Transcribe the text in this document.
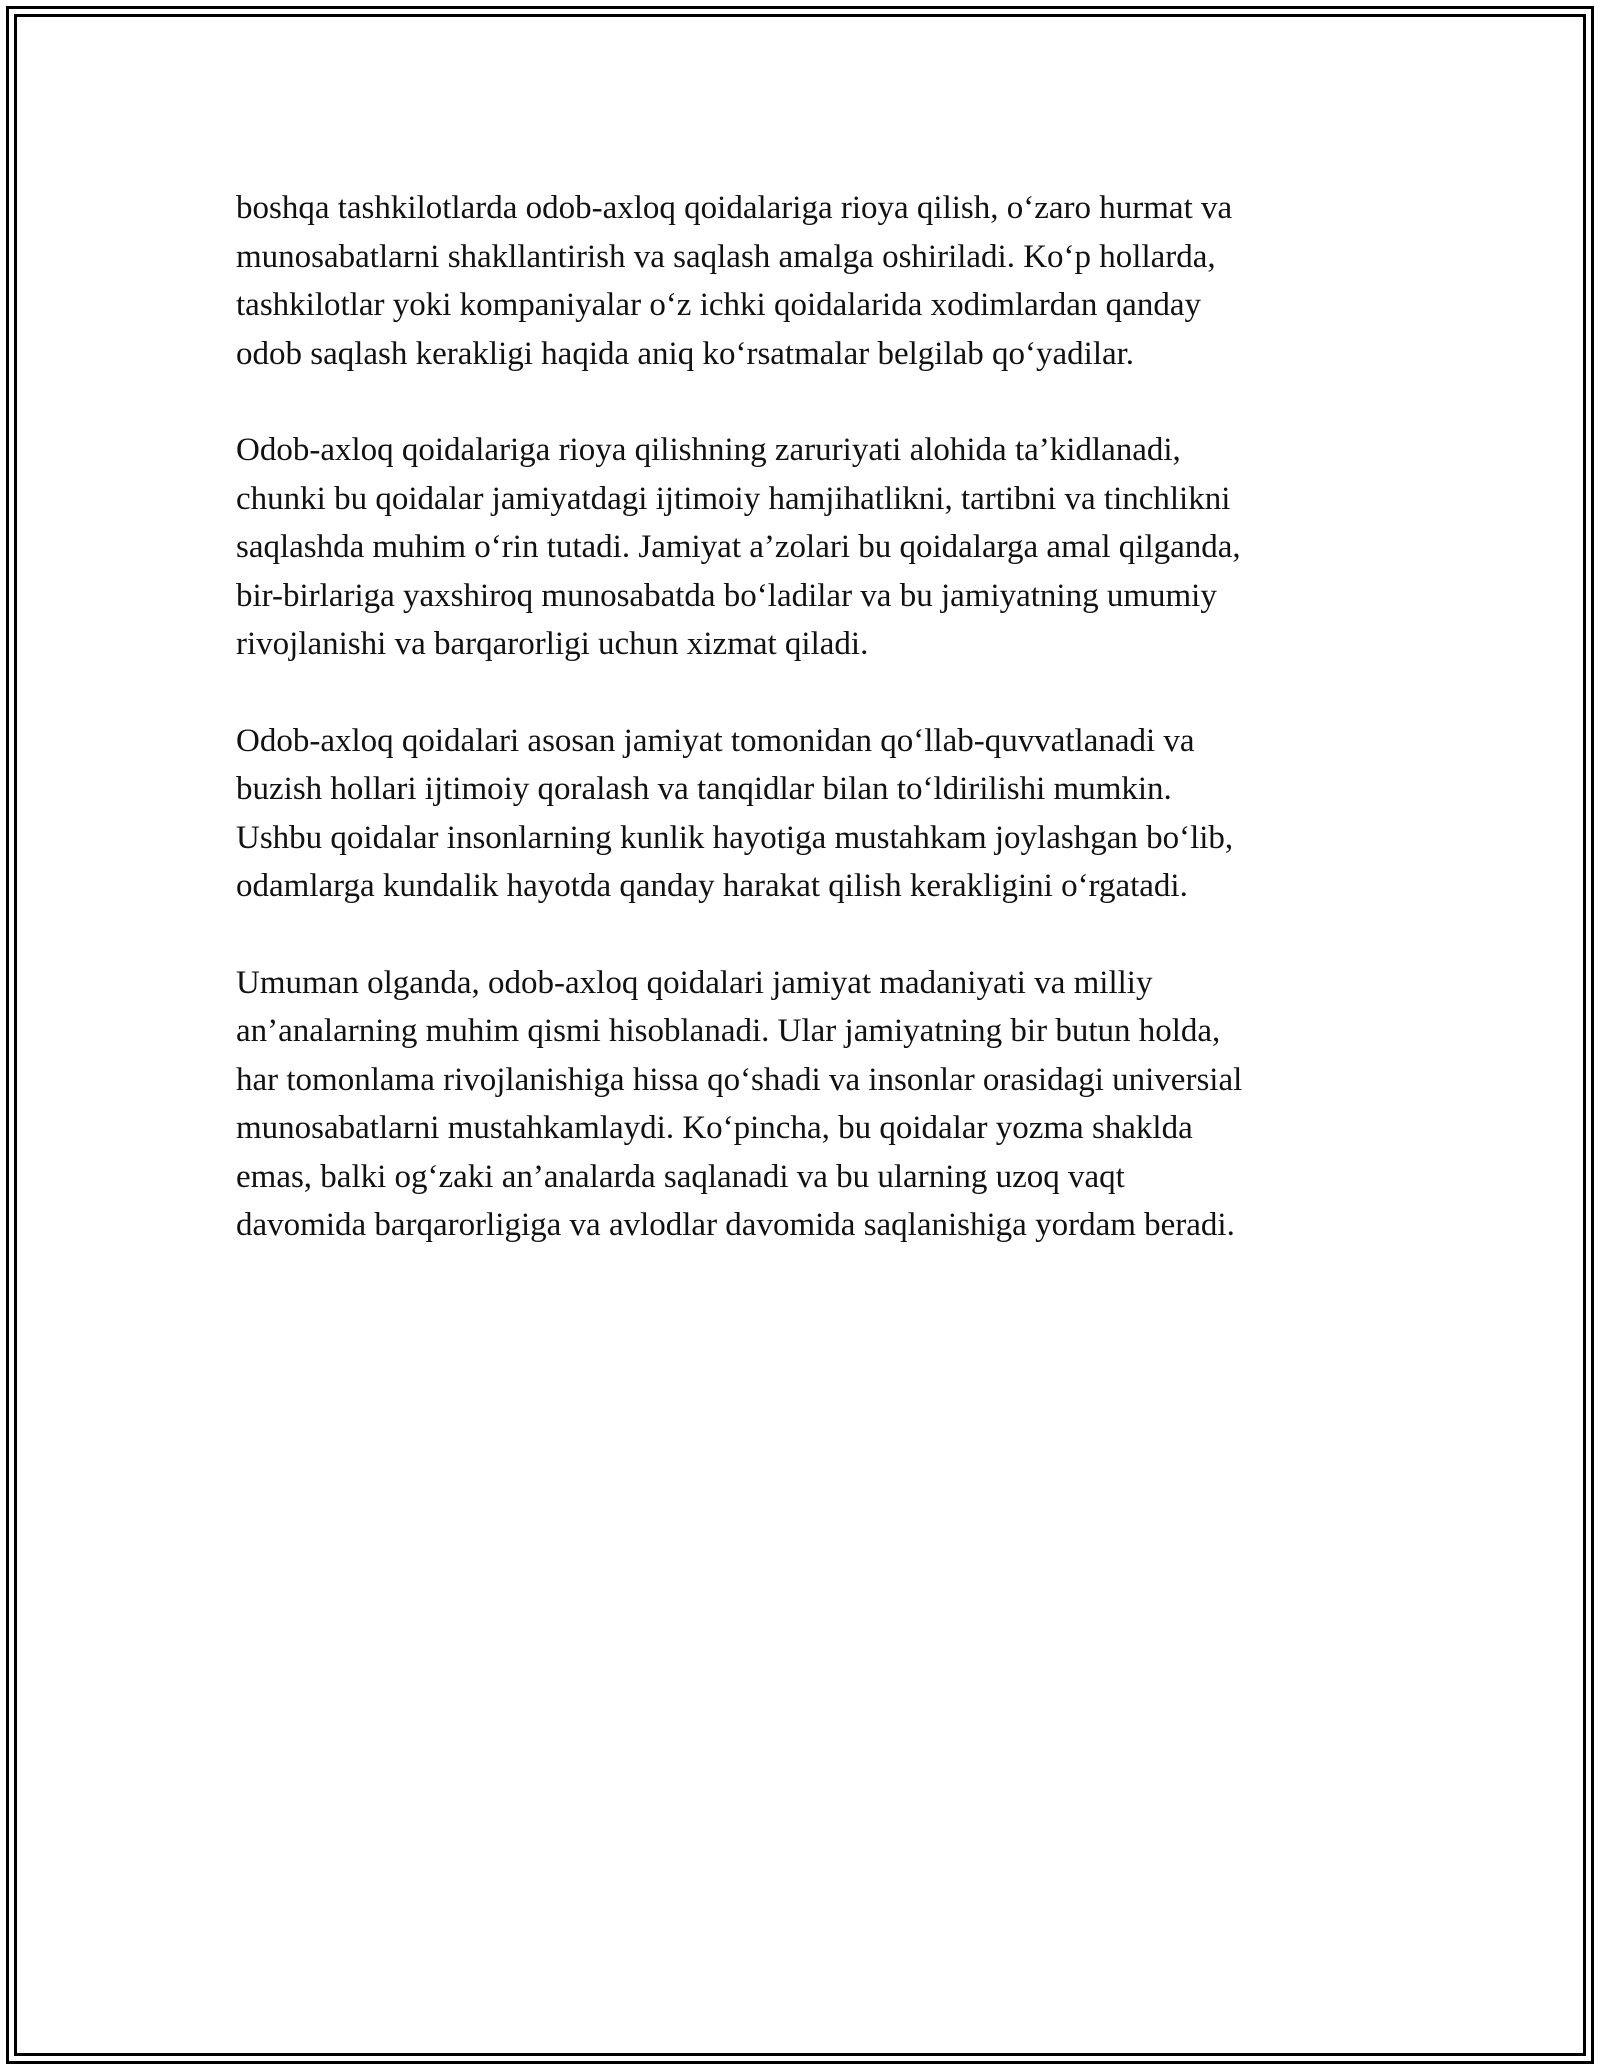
boshqa tashkilotlarda odob-axloq qoidalariga rioya qilish, o‘zaro hurmat va
munosabatlarni shakllantirish va saqlash amalga oshiriladi. Ko‘p hollarda,
tashkilotlar yoki kompaniyalar o‘z ichki qoidalarida xodimlardan qanday
odob saqlash kerakligi haqida aniq ko‘rsatmalar belgilab qo‘yadilar.

Odob-axloq qoidalariga rioya qilishning zaruriyati alohida ta’kidlanadi,
chunki bu qoidalar jamiyatdagi ijtimoiy hamjihatlikni, tartibni va tinchlikni
saqlashda muhim o‘rin tutadi. Jamiyat a’zolari bu qoidalarga amal qilganda,
bir-birlariga yaxshiroq munosabatda bo‘ladilar va bu jamiyatning umumiy
rivojlanishi va barqarorligi uchun xizmat qiladi.

Odob-axloq qoidalari asosan jamiyat tomonidan qo‘llab-quvvatlanadi va
buzish hollari ijtimoiy qoralash va tanqidlar bilan to‘ldirilishi mumkin.
Ushbu qoidalar insonlarning kunlik hayotiga mustahkam joylashgan bo‘lib,
odamlarga kundalik hayotda qanday harakat qilish kerakligini o‘rgatadi.

Umuman olganda, odob-axloq qoidalari jamiyat madaniyati va milliy
an’analarning muhim qismi hisoblanadi. Ular jamiyatning bir butun holda,
har tomonlama rivojlanishiga hissa qo‘shadi va insonlar orasidagi universial
munosabatlarni mustahkamlaydi. Ko‘pincha, bu qoidalar yozma shaklda
emas, balki og‘zaki an’analarda saqlanadi va bu ularning uzoq vaqt
davomida barqarorligiga va avlodlar davomida saqlanishiga yordam beradi.
